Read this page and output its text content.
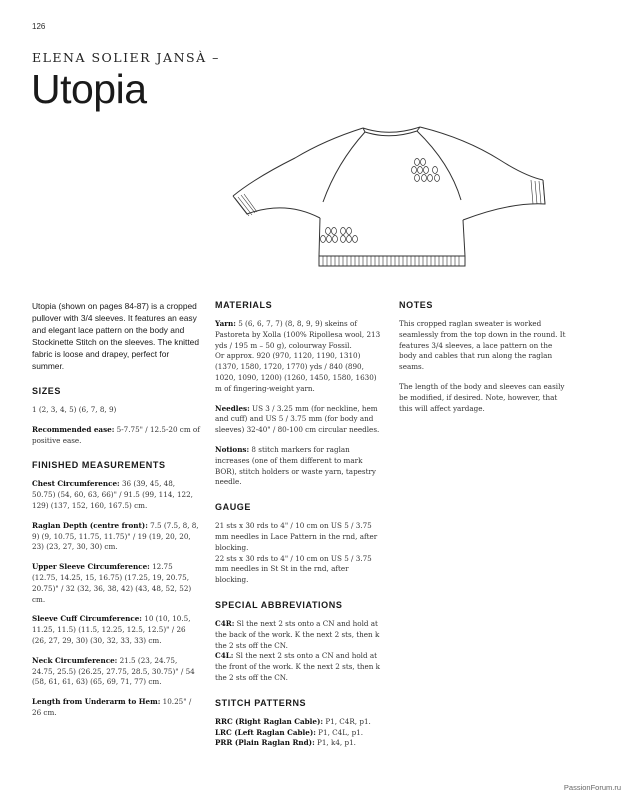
126
ELENA SOLIER JANSÀ –
Utopia

Utopia (shown on pages 84-87) is a cropped pullover with 3/4 sleeves. It features an easy and elegant lace pattern on the body and Stockinette Stitch on the sleeves. The knitted fabric is loose and drapey, perfect for summer.

SIZES

1 (2, 3, 4, 5) (6, 7, 8, 9)

Recommended ease: 5-7.75" / 12.5-20 cm of positive ease.

FINISHED MEASUREMENTS

Chest Circumference: 36 (39, 45, 48, 50.75) (54, 60, 63, 66)" / 91.5 (99, 114, 122, 129) (137, 152, 160, 167.5) cm.

Raglan Depth (centre front): 7.5 (7.5, 8, 8, 9) (9, 10.75, 11.75, 11.75)" / 19 (19, 20, 20, 23) (23, 27, 30, 30) cm.

Upper Sleeve Circumference: 12.75 (12.75, 14.25, 15, 16.75) (17.25, 19, 20.75, 20.75)" / 32 (32, 36, 38, 42) (43, 48, 52, 52) cm.

Sleeve Cuff Circumference: 10 (10, 10.5, 11.25, 11.5) (11.5, 12.25, 12.5, 12.5)" / 26 (26, 27, 29, 30) (30, 32, 33, 33) cm.

Neck Circumference: 21.5 (23, 24.75, 24.75, 25.5) (26.25, 27.75, 28.5, 30.75)" / 54 (58, 61, 61, 63) (65, 69, 71, 77) cm.

Length from Underarm to Hem: 10.25" / 26 cm.

MATERIALS

Yarn: 5 (6, 6, 7, 7) (8, 8, 9, 9) skeins of Pastoreta by Xolla (100% Ripollesa wool, 213 yds / 195 m – 50 g), colourway Fossil.

Or approx. 920 (970, 1120, 1190, 1310) (1370, 1580, 1720, 1770) yds / 840 (890, 1020, 1090, 1200) (1260, 1450, 1580, 1630) m of fingering-weight yarn.

Needles: US 3 / 3.25 mm (for neckline, hem and cuff) and US 5 / 3.75 mm (for body and sleeves) 32-40" / 80-100 cm circular needles.

Notions: 8 stitch markers for raglan increases (one of them different to mark BOR), stitch holders or waste yarn, tapestry needle.

GAUGE

21 sts x 30 rds to 4" / 10 cm on US 5 / 3.75 mm needles in Lace Pattern in the rnd, after blocking.

22 sts x 30 rds to 4" / 10 cm on US 5 / 3.75 mm needles in St St in the rnd, after blocking.

SPECIAL ABBREVIATIONS

C4R: Sl the next 2 sts onto a CN and hold at the back of the work. K the next 2 sts, then k the 2 sts off the CN.

C4L: Sl the next 2 sts onto a CN and hold at the front of the work. K the next 2 sts, then k the 2 sts off the CN.

STITCH PATTERNS

RRC (Right Raglan Cable): P1, C4R, p1.

LRC (Left Raglan Cable): P1, C4L, p1.

PRR (Plain Raglan Rnd): P1, k4, p1.

NOTES

This cropped raglan sweater is worked seamlessly from the top down in the round. It features 3/4 sleeves, a lace pattern on the body and cables that run along the raglan seams.

The length of the body and sleeves can easily be modified, if desired. Note, however, that this will affect yardage.

PassionForum.ru
